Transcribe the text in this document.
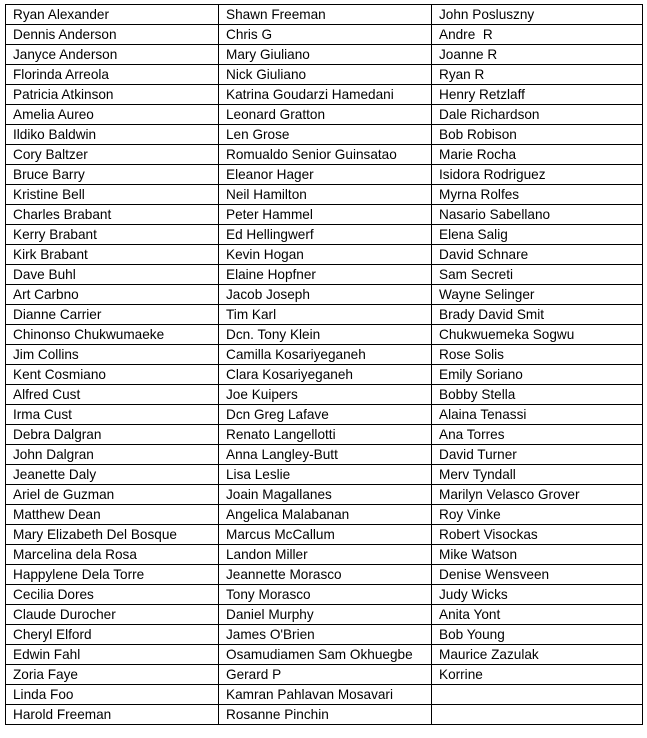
Ryan Alexander	Shawn Freeman	John Posluszny
Dennis Anderson	Chris G	Andre  R
Janyce Anderson	Mary Giuliano	Joanne R
Florinda Arreola	Nick Giuliano	Ryan R
Patricia Atkinson	Katrina Goudarzi Hamedani	Henry Retzlaff
Amelia Aureo	Leonard Gratton	Dale Richardson
Ildiko Baldwin	Len Grose	Bob Robison
Cory Baltzer	Romualdo Senior Guinsatao	Marie Rocha
Bruce Barry	Eleanor Hager	Isidora Rodriguez
Kristine Bell	Neil Hamilton	Myrna Rolfes
Charles Brabant	Peter Hammel	Nasario Sabellano
Kerry Brabant	Ed Hellingwerf	Elena Salig
Kirk Brabant	Kevin Hogan	David Schnare
Dave Buhl	Elaine Hopfner	Sam Secreti
Art Carbno	Jacob Joseph	Wayne Selinger
Dianne Carrier	Tim Karl	Brady David Smit
Chinonso Chukwumaeke	Dcn. Tony Klein	Chukwuemeka Sogwu
Jim Collins	Camilla Kosariyeganeh	Rose Solis
Kent Cosmiano	Clara Kosariyeganeh	Emily Soriano
Alfred Cust	Joe Kuipers	Bobby Stella
Irma Cust	Dcn Greg Lafave	Alaina Tenassi
Debra Dalgran	Renato Langellotti	Ana Torres
John Dalgran	Anna Langley-Butt	David Turner
Jeanette Daly	Lisa Leslie	Merv Tyndall
Ariel de Guzman	Joain Magallanes	Marilyn Velasco Grover
Matthew Dean	Angelica Malabanan	Roy Vinke
Mary Elizabeth Del Bosque	Marcus McCallum	Robert Visockas
Marcelina dela Rosa	Landon Miller	Mike Watson
Happylene Dela Torre	Jeannette Morasco	Denise Wensveen
Cecilia Dores	Tony Morasco	Judy Wicks
Claude Durocher	Daniel Murphy	Anita Yont
Cheryl Elford	James O'Brien	Bob Young
Edwin Fahl	Osamudiamen Sam Okhuegbe	Maurice Zazulak
Zoria Faye	Gerard P	Korrine
Linda Foo	Kamran Pahlavan Mosavari	
Harold Freeman	Rosanne Pinchin	
